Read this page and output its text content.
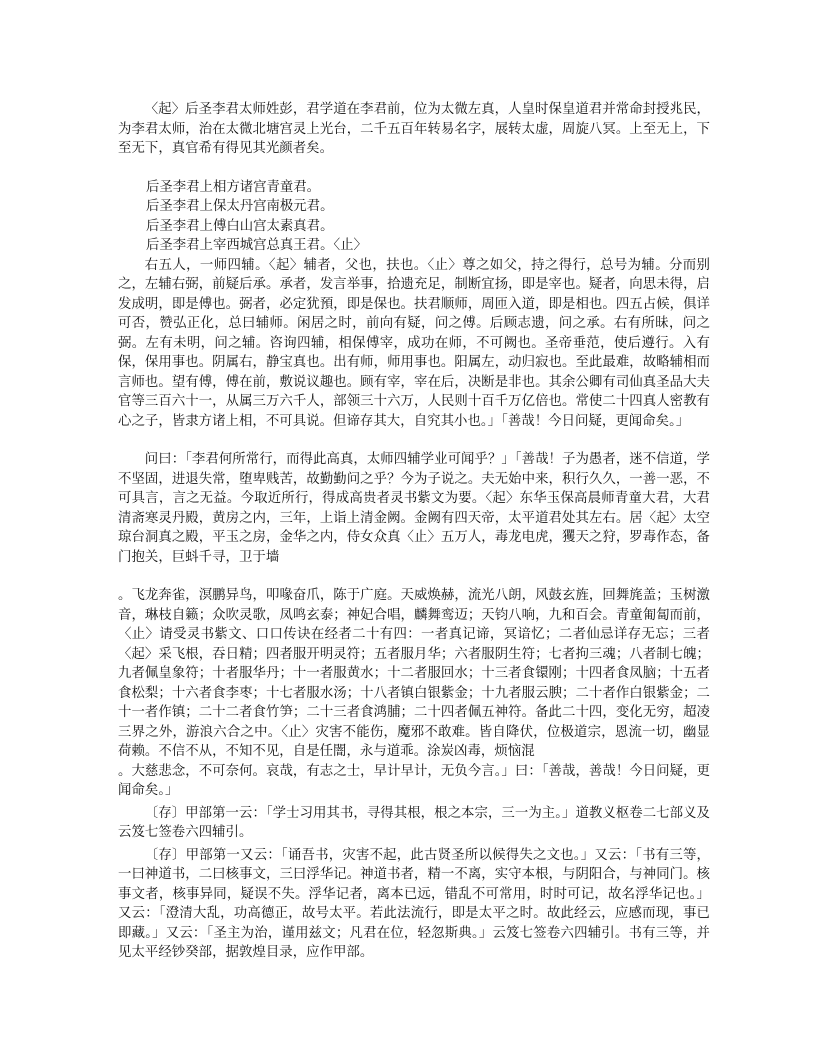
〈起〉后圣李君太师姓彭，君学道在李君前，位为太微左真，人皇时保皇道君并常命封授兆民，为李君太师，治在太微北塘宫灵上光台，二千五百年转易名字，展转太虚，周旋八冥。上至无上，下至无下，真官希有得见其光颜者矣。

后圣李君上相方诸宫青童君。

后圣李君上保太丹宫南极元君。

后圣李君上傅白山宫太素真君。

后圣李君上宰西城宫总真王君。〈止〉

右五人，一师四辅。〈起〉辅者，父也，扶也。〈止〉尊之如父，持之得行，总号为辅。分而别之，左辅右弼，前疑后承。承者，发言举事，拾遗充足，制断宜扬，即是宰也。疑者，向思未得，启发成明，即是傅也。弼者，必定犹預，即是保也。扶君顺师，周匝入道，即是相也。四五占候，俱详可否，赞弘正化，总曰辅师。闲居之时，前向有疑，问之傅。后顾志遗，问之承。右有所昧，问之弼。左有未明，问之辅。咨询四辅，相保傅宰，成功在师，不可阙也。圣帝垂范，使后遵行。入有保，保用事也。阴属右，静宝真也。出有师，师用事也。阳属左，动归寂也。至此最难，故略辅相而言师也。望有傅，傅在前，敷说议趣也。顾有宰，宰在后，决断是非也。其余公卿有司仙真圣品大夫官等三百六十一，从属三万六千人，部领三十六万，人民则十百千万亿倍也。常使二十四真人密教有心之子，皆隶方诸上相，不可具说。但谛存其大，自究其小也。」「善哉！今日问疑，更闻命矣。」

问曰：「李君何所常行，而得此高真，太师四辅学业可闻乎？」「善哉！子为愚者，迷不信道，学不坚固，进退失常，堕卑贱苦，故勤勤问之乎？今为子说之。夫无始中来，积行久久，一善一恶，不可具言，言之无益。今取近所行，得成高贵者灵书紫文为要。〈起〉东华玉保高晨师青童大君，大君清斋寒灵丹殿，黄房之内，三年，上诣上清金阙。金阙有四天帝，太平道君处其左右。居〈起〉太空琼台洞真之殿，平玉之房，金华之内，侍女众真〈止〉五万人，毒龙电虎，玃天之狩，罗毒作态，备门抱关，巨蚪千寻，卫于墙

。飞龙奔雀，溟鹏异鸟，叩喙奋爪，陈于广庭。天威焕赫，流光八朗，风鼓玄旌，回舞旄盖；玉树激音，琳枝自籁；众吹灵歌，凤鸣玄泰；神妃合唱，麟舞鸾迈；天钧八响，九和百会。青童匍匐而前，〈止〉请受灵书紫文、口口传诀在经者二十有四：一者真记谛，冥谙忆；二者仙忌详存无忘；三者〈起〉采飞根，吞日精；四者服开明灵符；五者服月华；六者服阴生符；七者拘三魂；八者制七魄；九者佩皇象符；十者服华丹；十一者服黄水；十二者服回水；十三者食镮刚；十四者食凤脑；十五者食松梨；十六者食李枣；十七者服水汤；十八者镇白银紫金；十九者服云腴；二十者作白银紫金；二十一者作镇；二十二者食竹笋；二十三者食鸿脯；二十四者佩五神符。备此二十四，变化无穷，超凌三界之外，游浪六合之中。〈止〉灾害不能伤，魔邪不敢难。皆自降伏，位极道宗，恩流一切，幽显荷赖。不信不从，不知不见，自是任闇，永与道乖。涂炭凶毒，烦恼混

。大慈悲念，不可奈何。哀哉，有志之士，早计早计，无负今言。」曰：「善哉，善哉！今日问疑，更闻命矣。」

〔存〕甲部第一云：「学士习用其书，寻得其根，根之本宗，三一为主。」道教义枢卷二七部义及云笈七签卷六四辅引。

〔存〕甲部第一又云：「诵吾书，灾害不起，此古贤圣所以候得失之文也。」又云：「书有三等，一曰神道书，二曰核事文，三曰浮华记。神道书者，精一不离，实守本根，与阴阳合，与神同门。核事文者，核事异同，疑误不失。浮华记者，离本已远，错乱不可常用，时时可记，故名浮华记也。」又云：「澄清大乱，功高德正，故号太平。若此法流行，即是太平之时。故此经云，应感而现，事已即藏。」又云：「圣主为治，谨用兹文；凡君在位，轻忽斯典。」云笈七签卷六四辅引。书有三等，并见太平经钞癸部，据敦煌目录，应作甲部。
